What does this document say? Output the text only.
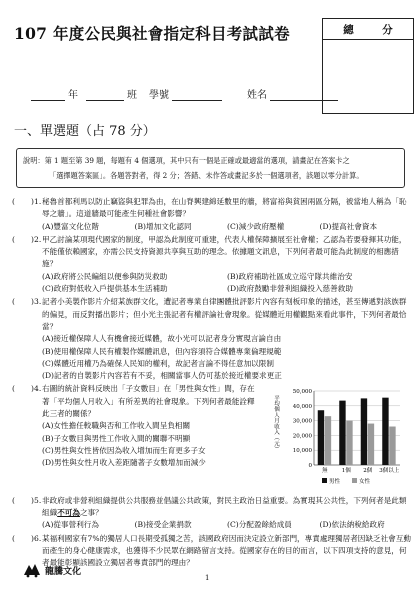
107 年度公民與社會指定科目考試試卷	總	分
年	班 學號	姓名
一、單選題（占 78 分）
說明：第 1 題至第 39 題，每題有 4 個選項，其中只有一個是正確或最適當的選項，請畫記在答案卡之
「選擇題答案區」。各題答對者，得 2 分；答錯、未作答或畫記多於一個選項者，該題以零分計算。
1. 秘魯首都利馬以防止竊盜與犯罪為由，在山脊興建綿延數里的牆，將富裕與貧困兩區分隔，被當地人稱為「恥辱之牆」。這道牆最可能產生何種社會影響？
(A)豐富文化位階	(B)增加文化認同	(C)減少政府壓權	(D)提高社會資本
2. 甲乙討論某項現代國家的制度，甲認為此制度可重建，代表人權保障擴展至社會權；乙認為若要發揮其功能，不能僅依賴國家，亦需公民支持資源共享與互助的理念。依據題文訊息，下列何者最可能為此制度的相應措施？
(A)政府將公民編組以便參與防災救助	(B)政府補助社區成立巡守隊共維治安
(C)政府對低收入戶提供基本生活補助	(D)政府鼓勵非營利組織投入慈善救助
3. 記者小美製作影片介紹某族群文化，遭記者專業自律團體批評影片內容有刻板印象的描述，甚至傳遞對該族群的偏見，而反對播出影片；但小光主張記者有權評論社會現象。從媒體近用權觀點來看此事件，下列何者最恰當？
(A)接近權保障人人有機會接近媒體，故小光可以記者身分實現言論自由
(B)使用權保障人民有權製作媒體訊息，但內容須符合媒體專業倫理規範
(C)媒體近用權乃為確保人民知的權利，故記者言論不得任意加以限制
(D)記者的自製影片內容若有不妥，相關當事人仍可基於接近權要求更正
4. 右圖的統計資料反映出「子女數目」在「男性與女性」間，存在著「平均個人月收入」有所差異的社會現象。下列何者最能詮釋此三者的關係？
(A)女性擔任較職與否和工作收入間呈負相關
(B)子女數目與男性工作收入間的關聯不明顯
(C)男性與女性皆依因為收入增加而生育更多子女
(D)男性與女性月收入差距隨著子女數增加而減少
平均個人月收入（元）
0
10,000
20,000
30,000
40,000
50,000
無	1個 2個 3個以上
男性	女性
5. 非政府或非營利組織提供公共服務並倡議公共政策，對民主政治日益重要。為實現其公共性，下列何者是此類組織不可為之事？
(A)從事營利行為	(B)接受企業捐款	(C)分配盈餘給成員	(D)依法納稅給政府
6. 某福利國家有7%的獨居人口長期受孤獨之苦，該國政府因而決定設立新部門，專責處理獨居者因缺乏社會互動而產生的身心健康需求，也獲得不少民眾在網路留言支持。從國家存在的目的而言，以下四項支持的意見，何者最能彰顯該國設立獨居者專責部門的理由？
龍騰文化
1
